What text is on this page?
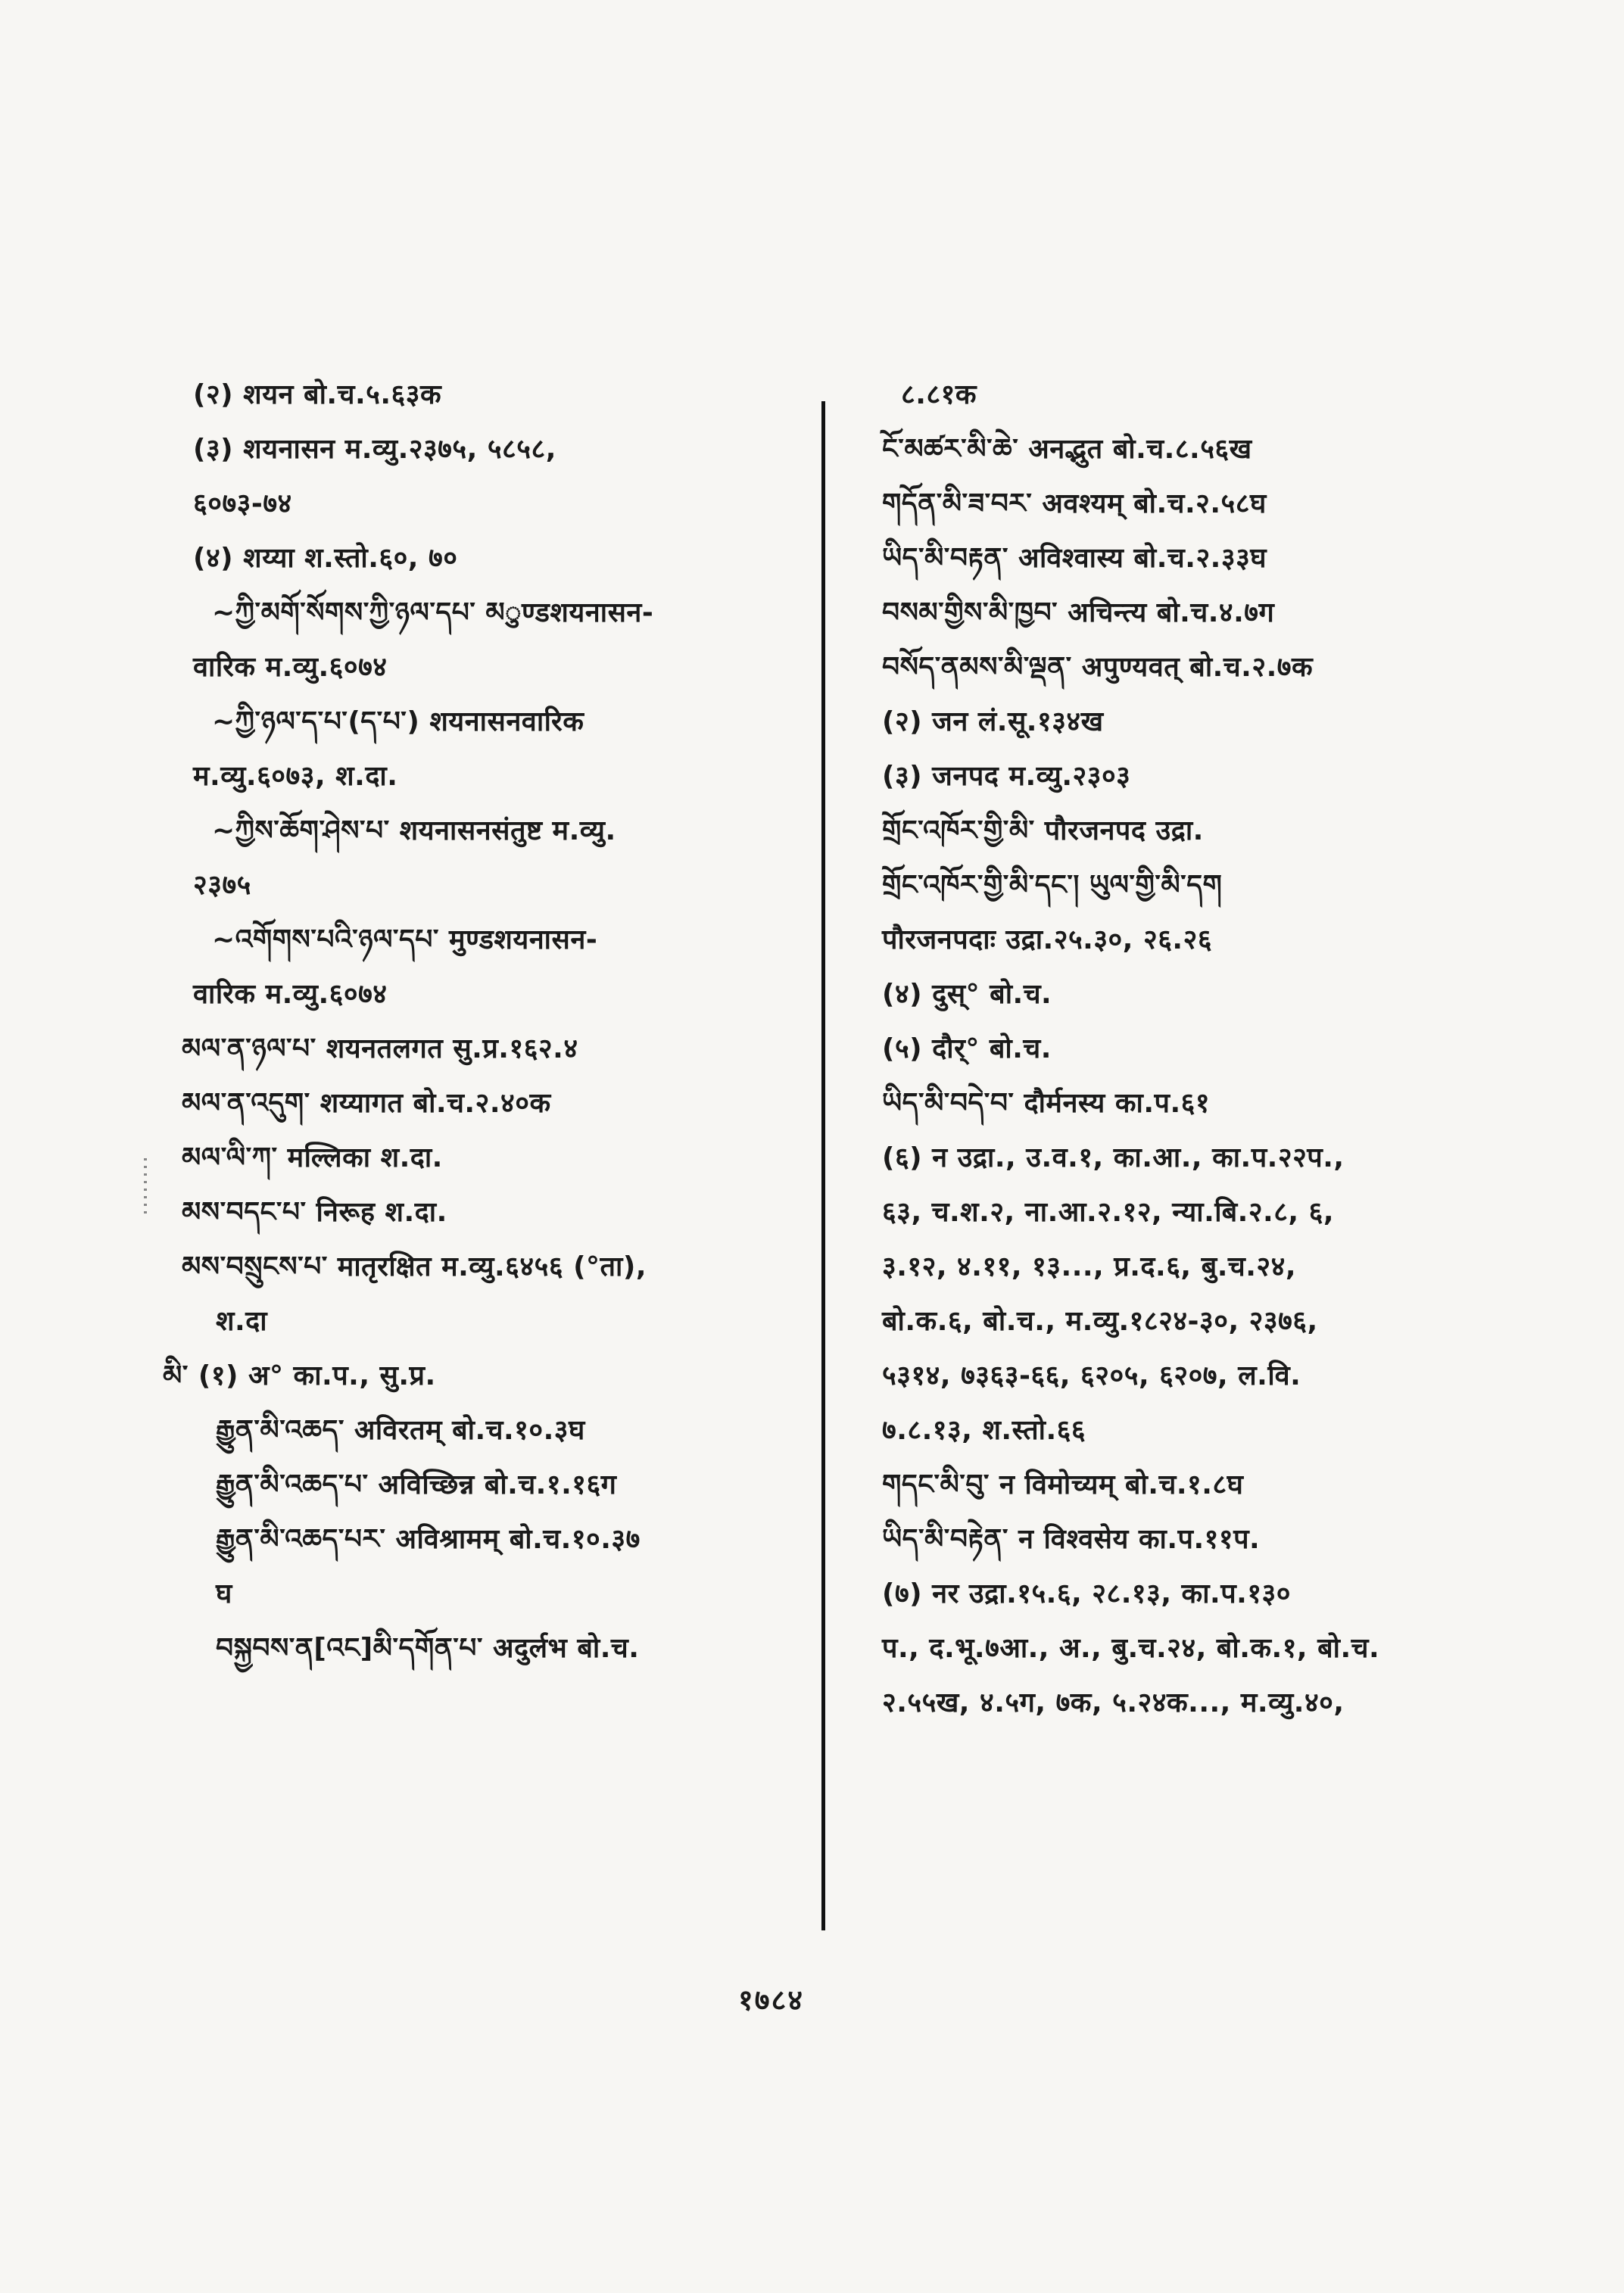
(२) शयन बो.च.५.६३क
(३) शयनासन म.व्यु.२३७५, ५८५८,
६०७३-७४
(४) शय्या श.स्तो.६०, ७०
~ཀྱི་མགོ་སོགས་ཀྱི་ཉལ་དཔ་ མुण्डशयनासन-
वारिक म.व्यु.६०७४
~ཀྱི་ཉལ་ད་པ་(ད་པ་) शयनासनवारिक
म.व्यु.६०७३, श.दा.
~ཀྱིས་ཆོག་ཤེས་པ་ शयनासनसंतुष्ट म.व्यु.
२३७५
~འགོགས་པའི་ཉལ་དཔ་ मुण्डशयनासन-
वारिक म.व्यु.६०७४
མལ་ན་ཉལ་པ་ शयनतलगत सु.प्र.१६२.४
མལ་ན་འདུག་ शय्यागत बो.च.२.४०क
མལ་ལི་ཀ་ मल्लिका श.दा.
མས་བདང་པ་ निरूह श.दा.
མས་བསྲུངས་པ་ मातृरक्षित म.व्यु.६४५६ (°ता),
श.दा
མི་ (१) अ° का.प., सु.प्र.
རྒྱུན་མི་འཆད་ अविरतम् बो.च.१०.३घ
རྒྱུན་མི་འཆད་པ་ अविच्छिन्न बो.च.१.१६ग
རྒྱུན་མི་འཆད་པར་ अविश्रामम् बो.च.१०.३७
घ
བསྐྱབས་ན[འང]མི་དགོན་པ་ अदुर्लभ बो.च.
८.८१क
ངོ་མཚར་མི་ཆེ་ अनद्भुत बो.च.८.५६ख
གདོན་མི་ཟ་བར་ अवश्यम् बो.च.२.५८घ
ཡིད་མི་བརྟན་ अविश्वास्य बो.च.२.३३घ
བསམ་གྱིས་མི་ཁྱབ་ अचिन्त्य बो.च.४.७ग
བསོད་ནམས་མི་ལྡན་ अपुण्यवत् बो.च.२.७क
(२) जन लं.सू.१३४ख
(३) जनपद म.व्यु.२३०३
གྲོང་འཁོར་གྱི་མི་ पौरजनपद उद्रा.
གྲོང་འཁོར་གྱི་མི་དང་། ཡུལ་གྱི་མི་དག
पौरजनपदाः उद्रा.२५.३०, २६.२६
(४) दुस्° बो.च.
(५) दौर्° बो.च.
ཡིད་མི་བདེ་བ་ दौर्मनस्य का.प.६१
(६) न उद्रा., उ.व.१, का.आ., का.प.२२प.,
६३, च.श.२, ना.आ.२.१२, न्या.बि.२.८, ६,
३.१२, ४.११, १३..., प्र.द.६, बु.च.२४,
बो.क.६, बो.च., म.व्यु.१८२४-३०, २३७६,
५३१४, ७३६३-६६, ६२०५, ६२०७, ल.वि.
७.८.१३, श.स्तो.६६
གདང་མི་བུ་ न विमोच्यम् बो.च.१.८घ
ཡིད་མི་བརྟེན་ न विश्वसेय का.प.११प.
(७) नर उद्रा.१५.६, २८.१३, का.प.१३०
प., द.भू.७आ., अ., बु.च.२४, बो.क.१, बो.च.
२.५५ख, ४.५ग, ७क, ५.२४क..., म.व्यु.४०,
१७८४
